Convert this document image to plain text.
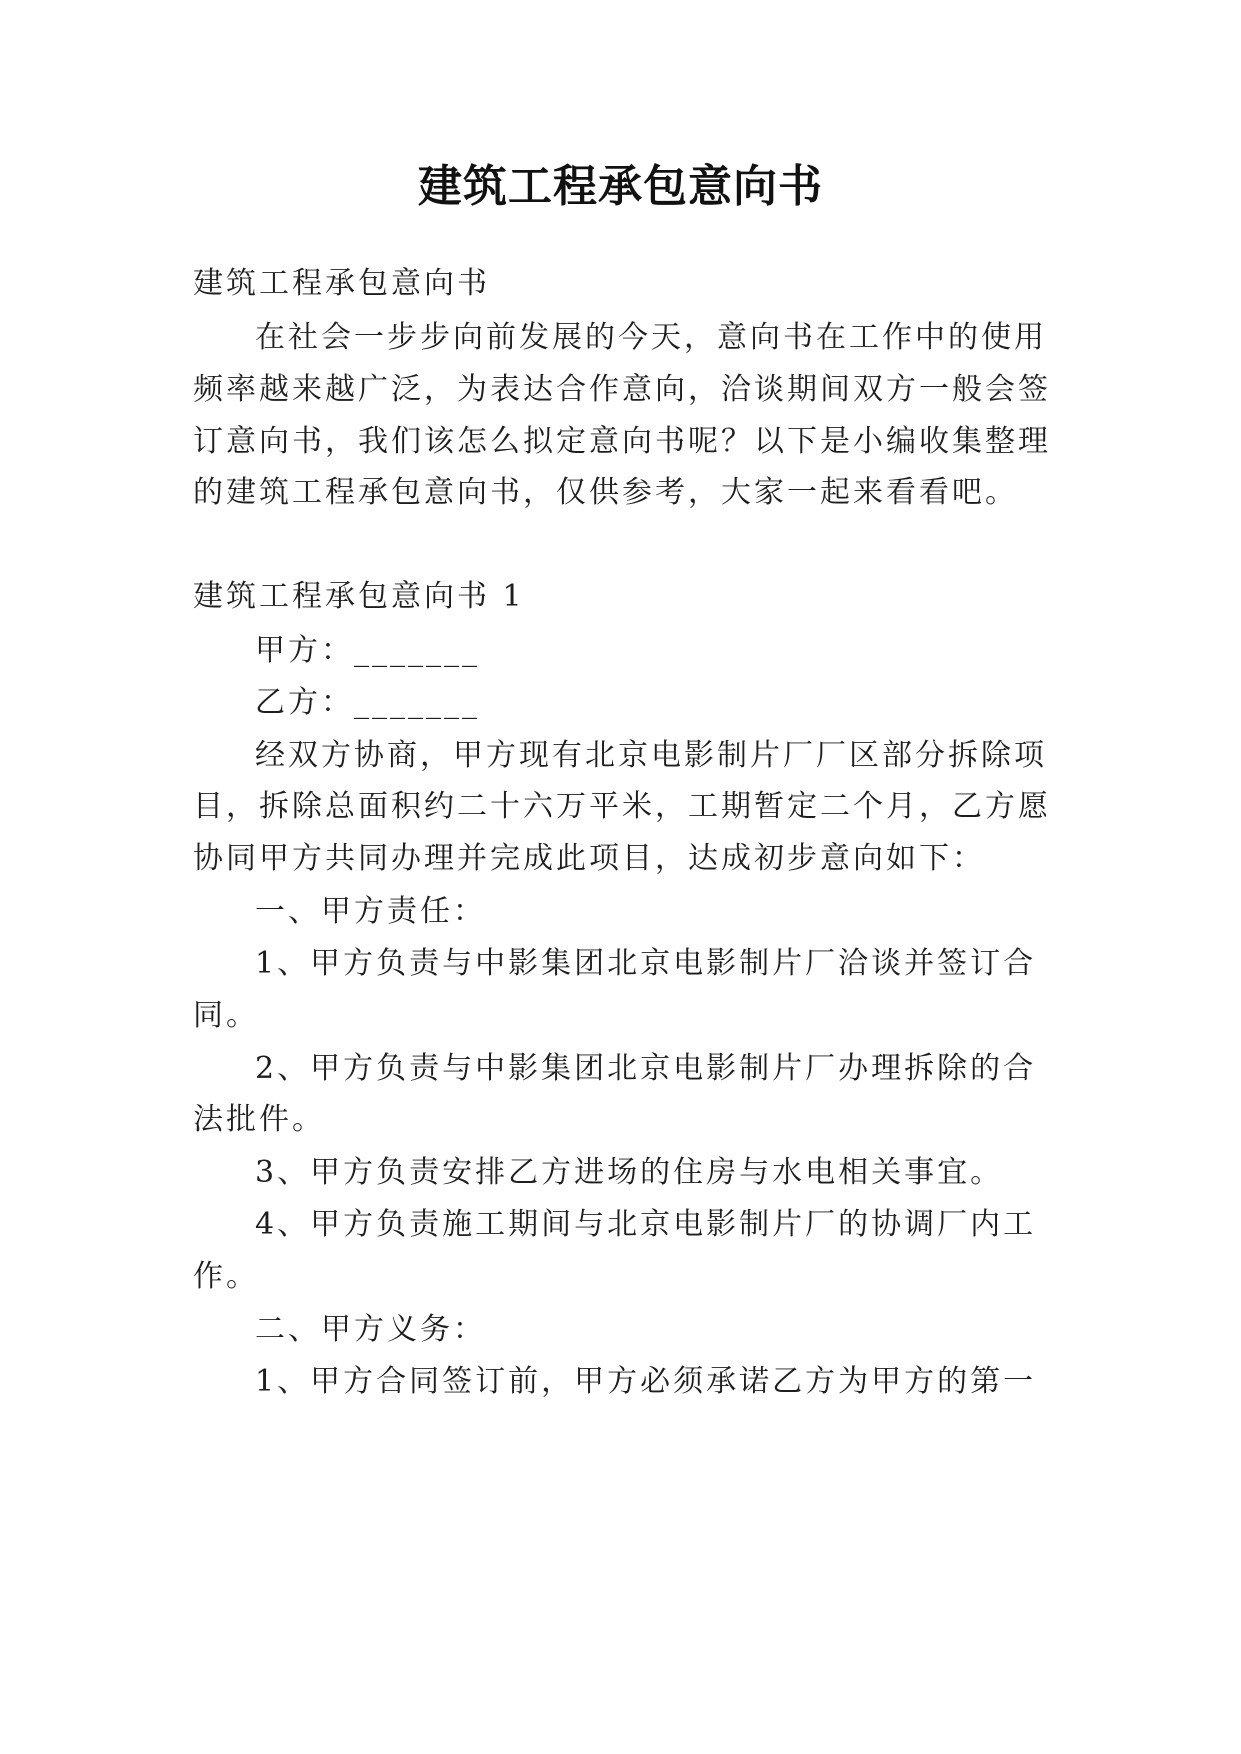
建筑工程承包意向书
建筑工程承包意向书
在社会一步步向前发展的今天，意向书在工作中的使用
频率越来越广泛，为表达合作意向，洽谈期间双方一般会签
订意向书，我们该怎么拟定意向书呢？以下是小编收集整理
的建筑工程承包意向书，仅供参考，大家一起来看看吧。
建筑工程承包意向书 1
甲方：_______
乙方：_______
经双方协商，甲方现有北京电影制片厂厂区部分拆除项
目，拆除总面积约二十六万平米，工期暂定二个月，乙方愿
协同甲方共同办理并完成此项目，达成初步意向如下：
一、甲方责任：
1、甲方负责与中影集团北京电影制片厂洽谈并签订合
同。
2、甲方负责与中影集团北京电影制片厂办理拆除的合
法批件。
3、甲方负责安排乙方进场的住房与水电相关事宜。
4、甲方负责施工期间与北京电影制片厂的协调厂内工
作。
二、甲方义务：
1、甲方合同签订前，甲方必须承诺乙方为甲方的第一
